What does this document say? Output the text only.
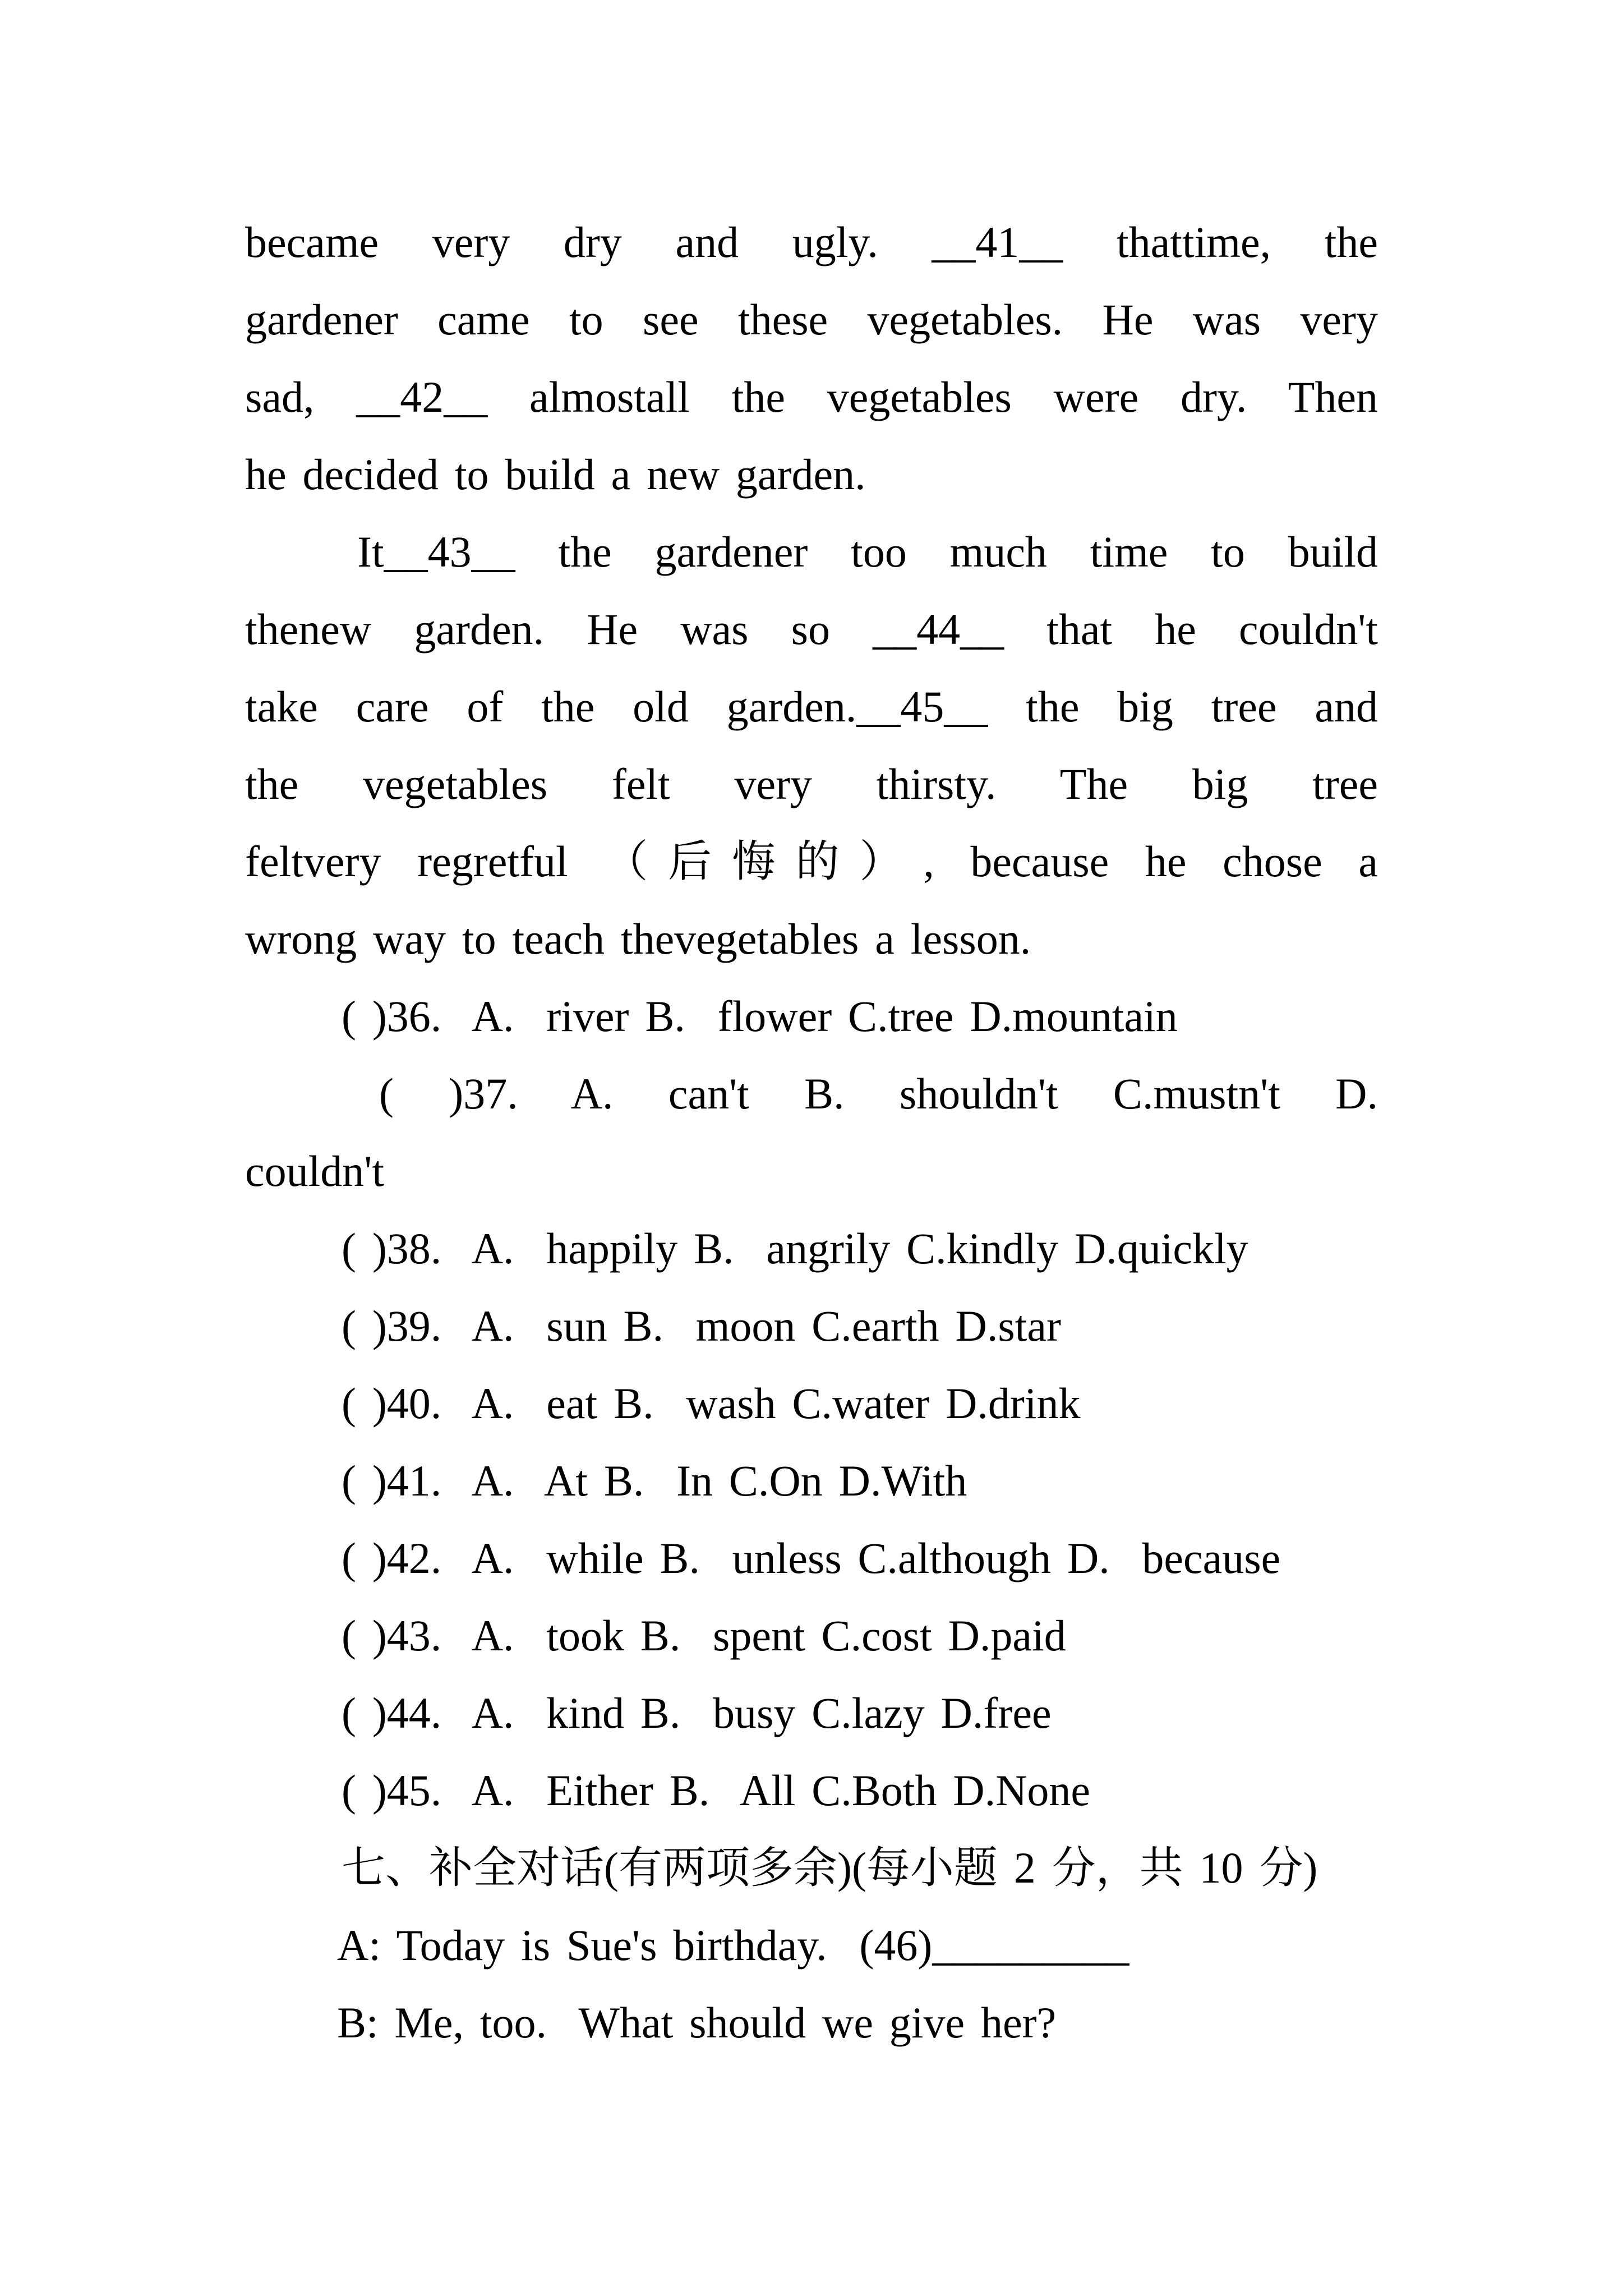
became very dry and ugly. __41__ thattime, the
gardener came to see these vegetables. He was very
sad, __42__ almostall the vegetables were dry. Then
he decided to build a new garden.
It__43__ the gardener too much time to build
thenew garden. He was so __44__ that he couldn't
take care of the old garden.__45__ the big tree and
the vegetables felt very thirsty. The big tree
feltvery regretful （后悔的）, because he chose a
wrong way to teach thevegetables a lesson.
( )36.  A.  river B.  flower C.tree D.mountain
( )37. A. can't B. shouldn't C.mustn't D.
couldn't
( )38.  A.  happily B.  angrily C.kindly D.quickly
( )39.  A.  sun B.  moon C.earth D.star
( )40.  A.  eat B.  wash C.water D.drink
( )41.  A.  At B.  In C.On D.With
( )42.  A.  while B.  unless C.although D.  because
( )43.  A.  took B.  spent C.cost D.paid
( )44.  A.  kind B.  busy C.lazy D.free
( )45.  A.  Either B.  All C.Both D.None
七、补全对话(有两项多余)(每小题 2 分，共 10 分)
A: Today is Sue's birthday.  (46)_________
B: Me, too.  What should we give her?
